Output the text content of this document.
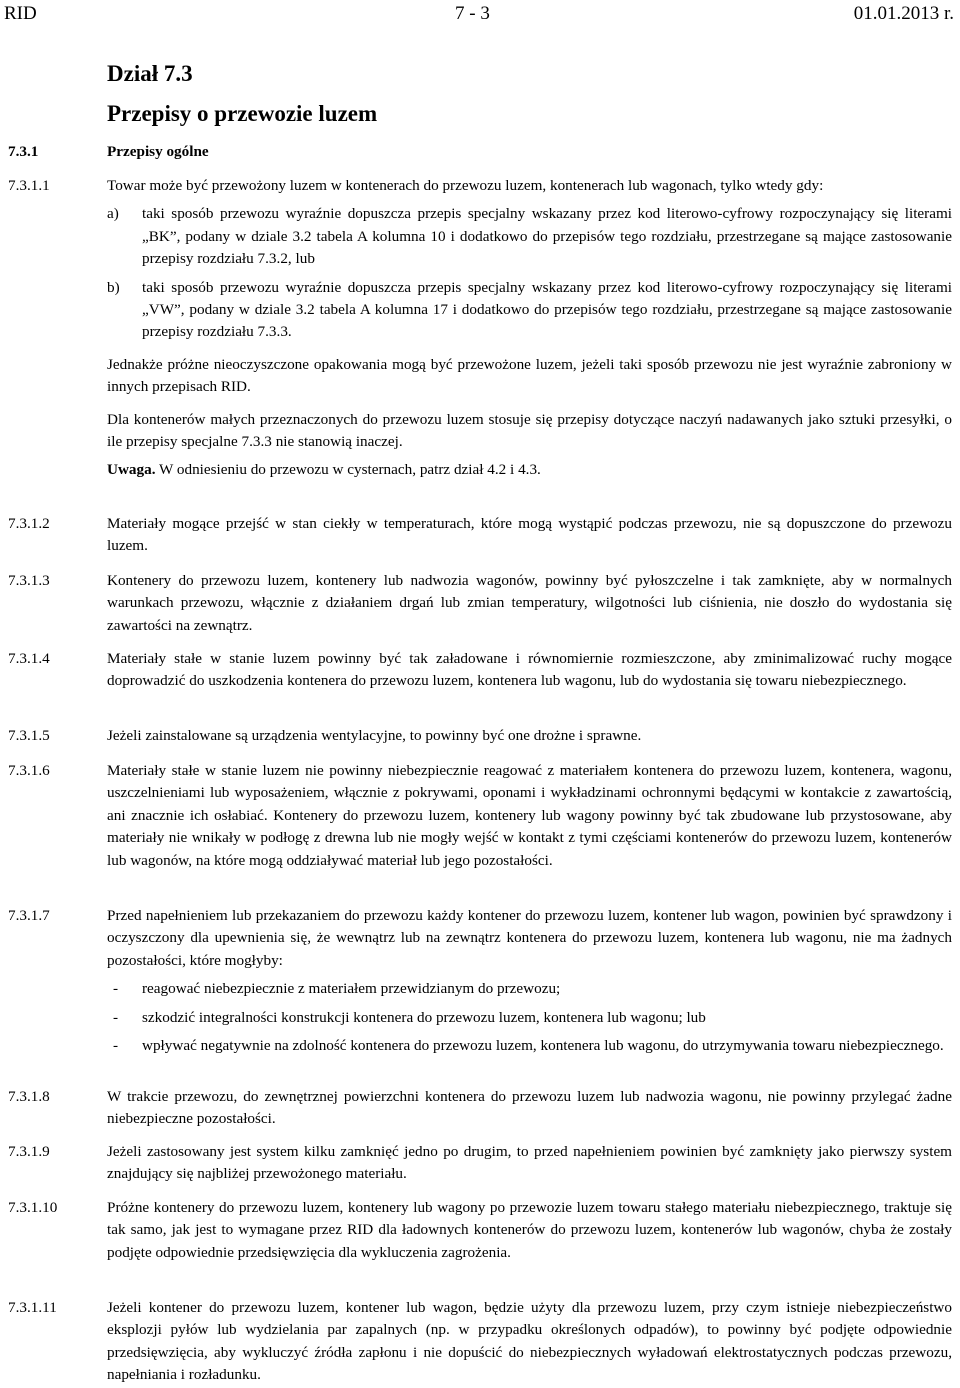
RID	7 - 3	01.01.2013 r.
Dział 7.3
Przepisy o przewozie luzem
7.3.1	Przepisy ogólne
7.3.1.1	Towar może być przewożony luzem w kontenerach do przewozu luzem, kontenerach lub wagonach, tylko wtedy gdy:

a) taki sposób przewozu wyraźnie dopuszcza przepis specjalny wskazany przez kod literowo-cyfrowy rozpoczynający się literami „BK”, podany w dziale 3.2 tabela A kolumna 10 i dodatkowo do przepisów tego rozdziału, przestrzegane są mające zastosowanie przepisy rozdziału 7.3.2, lub
b) taki sposób przewozu wyraźnie dopuszcza przepis specjalny wskazany przez kod literowo-cyfrowy rozpoczynający się literami „VW”, podany w dziale 3.2 tabela A kolumna 17 i dodatkowo do przepisów tego rozdziału, przestrzegane są mające zastosowanie przepisy rozdziału 7.3.3.

Jednakże próżne nieoczyszczone opakowania mogą być przewożone luzem, jeżeli taki sposób przewozu nie jest wyraźnie zabroniony w innych przepisach RID.

Dla kontenerów małych przeznaczonych do przewozu luzem stosuje się przepisy dotyczące naczyń nadawanych jako sztuki przesyłki, o ile przepisy specjalne 7.3.3 nie stanowią inaczej.

Uwaga. W odniesieniu do przewozu w cysternach, patrz dział 4.2 i 4.3.

7.3.1.2	Materiały mogące przejść w stan ciekły w temperaturach, które mogą wystąpić podczas przewozu, nie są dopuszczone do przewozu luzem.

7.3.1.3	Kontenery do przewozu luzem, kontenery lub nadwozia wagonów, powinny być pyłoszczelne i tak zamknięte, aby w normalnych warunkach przewozu, włącznie z działaniem drgań lub zmian temperatury, wilgotności lub ciśnienia, nie doszło do wydostania się zawartości na zewnątrz.

7.3.1.4	Materiały stałe w stanie luzem powinny być tak załadowane i równomiernie rozmieszczone, aby zminimalizować ruchy mogące doprowadzić do uszkodzenia kontenera do przewozu luzem, kontenera lub wagonu, lub do wydostania się towaru niebezpiecznego.

7.3.1.5	Jeżeli zainstalowane są urządzenia wentylacyjne, to powinny być one drożne i sprawne.

7.3.1.6	Materiały stałe w stanie luzem nie powinny niebezpiecznie reagować z materiałem kontenera do przewozu luzem, kontenera, wagonu, uszczelnieniami lub wyposażeniem, włącznie z pokrywami, oponami i wykładzinami ochronnymi będącymi w kontakcie z zawartością, ani znacznie ich osłabiać. Kontenery do przewozu luzem, kontenery lub wagony powinny być tak zbudowane lub przystosowane, aby materiały nie wnikały w podłogę z drewna lub nie mogły wejść w kontakt z tymi częściami kontenerów do przewozu luzem, kontenerów lub wagonów, na które mogą oddziaływać materiał lub jego pozostałości.

7.3.1.7	Przed napełnieniem lub przekazaniem do przewozu każdy kontener do przewozu luzem, kontener lub wagon, powinien być sprawdzony i oczyszczony dla upewnienia się, że wewnątrz lub na zewnątrz kontenera do przewozu luzem, kontenera lub wagonu, nie ma żadnych pozostałości, które mogłyby:

- reagować niebezpiecznie z materiałem przewidzianym do przewozu;
- szkodzić integralności konstrukcji kontenera do przewozu luzem, kontenera lub wagonu; lub
- wpływać negatywnie na zdolność kontenera do przewozu luzem, kontenera lub wagonu, do utrzymywania towaru niebezpiecznego.
7.3.1.8	W trakcie przewozu, do zewnętrznej powierzchni kontenera do przewozu luzem lub nadwozia wagonu, nie powinny przylegać żadne niebezpieczne pozostałości.

7.3.1.9	Jeżeli zastosowany jest system kilku zamknięć jedno po drugim, to przed napełnieniem powinien być zamknięty jako pierwszy system znajdujący się najbliżej przewożonego materiału.

7.3.1.10	Próżne kontenery do przewozu luzem, kontenery lub wagony po przewozie luzem towaru stałego materiału niebezpiecznego, traktuje się tak samo, jak jest to wymagane przez RID dla ładownych kontenerów do przewozu luzem, kontenerów lub wagonów, chyba że zostały podjęte odpowiednie przedsięwzięcia dla wykluczenia zagrożenia.

7.3.1.11	Jeżeli kontener do przewozu luzem, kontener lub wagon, będzie użyty dla przewozu luzem, przy czym istnieje niebezpieczeństwo eksplozji pyłów lub wydzielania par zapalnych (np. w przypadku określonych odpadów), to powinny być podjęte odpowiednie przedsięwzięcia, aby wykluczyć źródła zapłonu i nie dopuścić do niebezpiecznych wyładowań elektrostatycznych podczas przewozu, napełniania i rozładunku.
